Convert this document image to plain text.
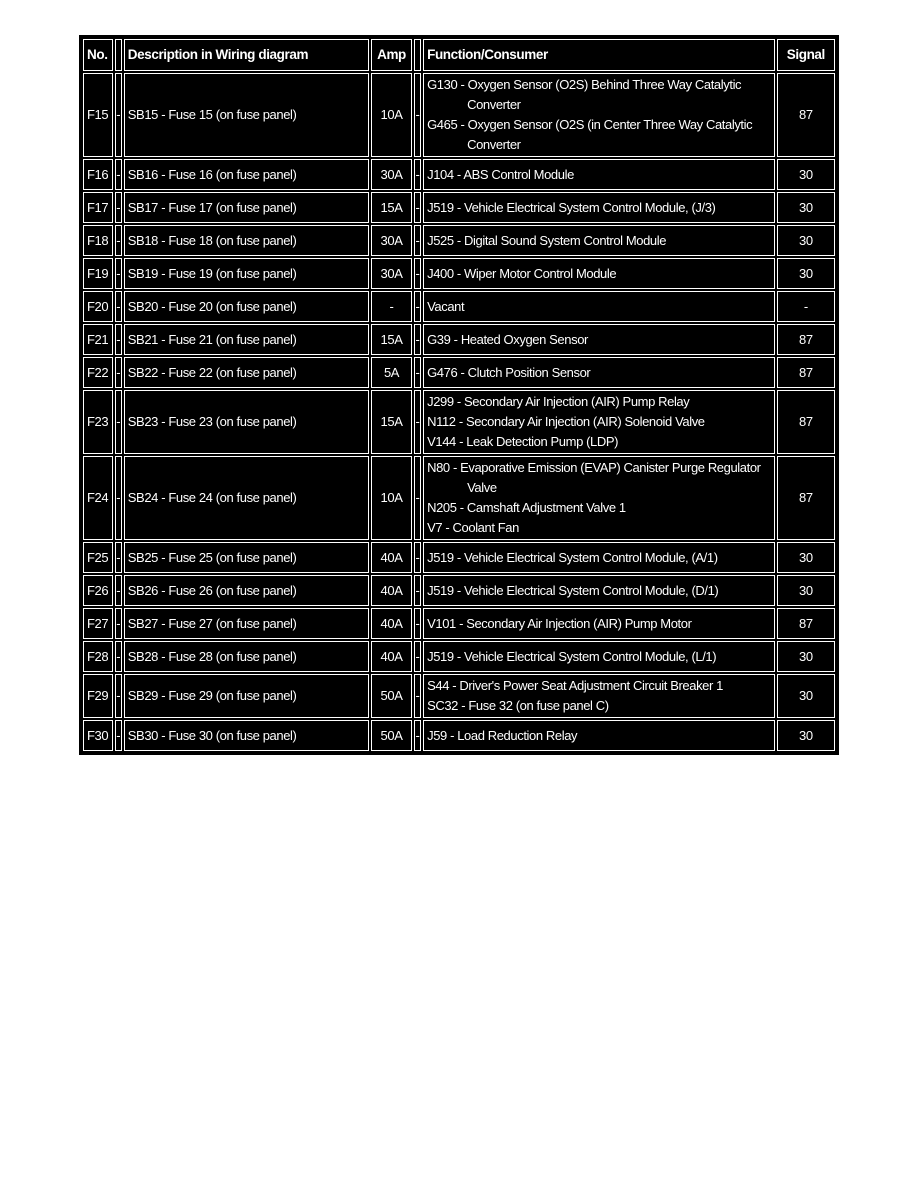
No.		Description in Wiring diagram	Amp		Function/Consumer	Signal
F15	-	SB15 - Fuse 15 (on fuse panel)	10A	-	G130 - Oxygen Sensor (O2S) Behind Three Way Catalytic
Converter
G465 - Oxygen Sensor (O2S (in Center Three Way Catalytic
Converter	87
F16	-	SB16 - Fuse 16 (on fuse panel)	30A	-	J104 - ABS Control Module	30
F17	-	SB17 - Fuse 17 (on fuse panel)	15A	-	J519 - Vehicle Electrical System Control Module, (J/3)	30
F18	-	SB18 - Fuse 18 (on fuse panel)	30A	-	J525 - Digital Sound System Control Module	30
F19	-	SB19 - Fuse 19 (on fuse panel)	30A	-	J400 - Wiper Motor Control Module	30
F20	-	SB20 - Fuse 20 (on fuse panel)	-	-	Vacant	-
F21	-	SB21 - Fuse 21 (on fuse panel)	15A	-	G39 - Heated Oxygen Sensor	87
F22	-	SB22 - Fuse 22 (on fuse panel)	5A	-	G476 - Clutch Position Sensor	87
F23	-	SB23 - Fuse 23 (on fuse panel)	15A	-	J299 - Secondary Air Injection (AIR) Pump Relay
N112 - Secondary Air Injection (AIR) Solenoid Valve
V144 - Leak Detection Pump (LDP)	87
F24	-	SB24 - Fuse 24 (on fuse panel)	10A	-	N80 - Evaporative Emission (EVAP) Canister Purge Regulator
Valve
N205 - Camshaft Adjustment Valve 1
V7 - Coolant Fan	87
F25	-	SB25 - Fuse 25 (on fuse panel)	40A	-	J519 - Vehicle Electrical System Control Module, (A/1)	30
F26	-	SB26 - Fuse 26 (on fuse panel)	40A	-	J519 - Vehicle Electrical System Control Module, (D/1)	30
F27	-	SB27 - Fuse 27 (on fuse panel)	40A	-	V101 - Secondary Air Injection (AIR) Pump Motor	87
F28	-	SB28 - Fuse 28 (on fuse panel)	40A	-	J519 - Vehicle Electrical System Control Module, (L/1)	30
F29	-	SB29 - Fuse 29 (on fuse panel)	50A	-	S44 - Driver's Power Seat Adjustment Circuit Breaker 1
SC32 - Fuse 32 (on fuse panel C)	30
F30	-	SB30 - Fuse 30 (on fuse panel)	50A	-	J59 - Load Reduction Relay	30
